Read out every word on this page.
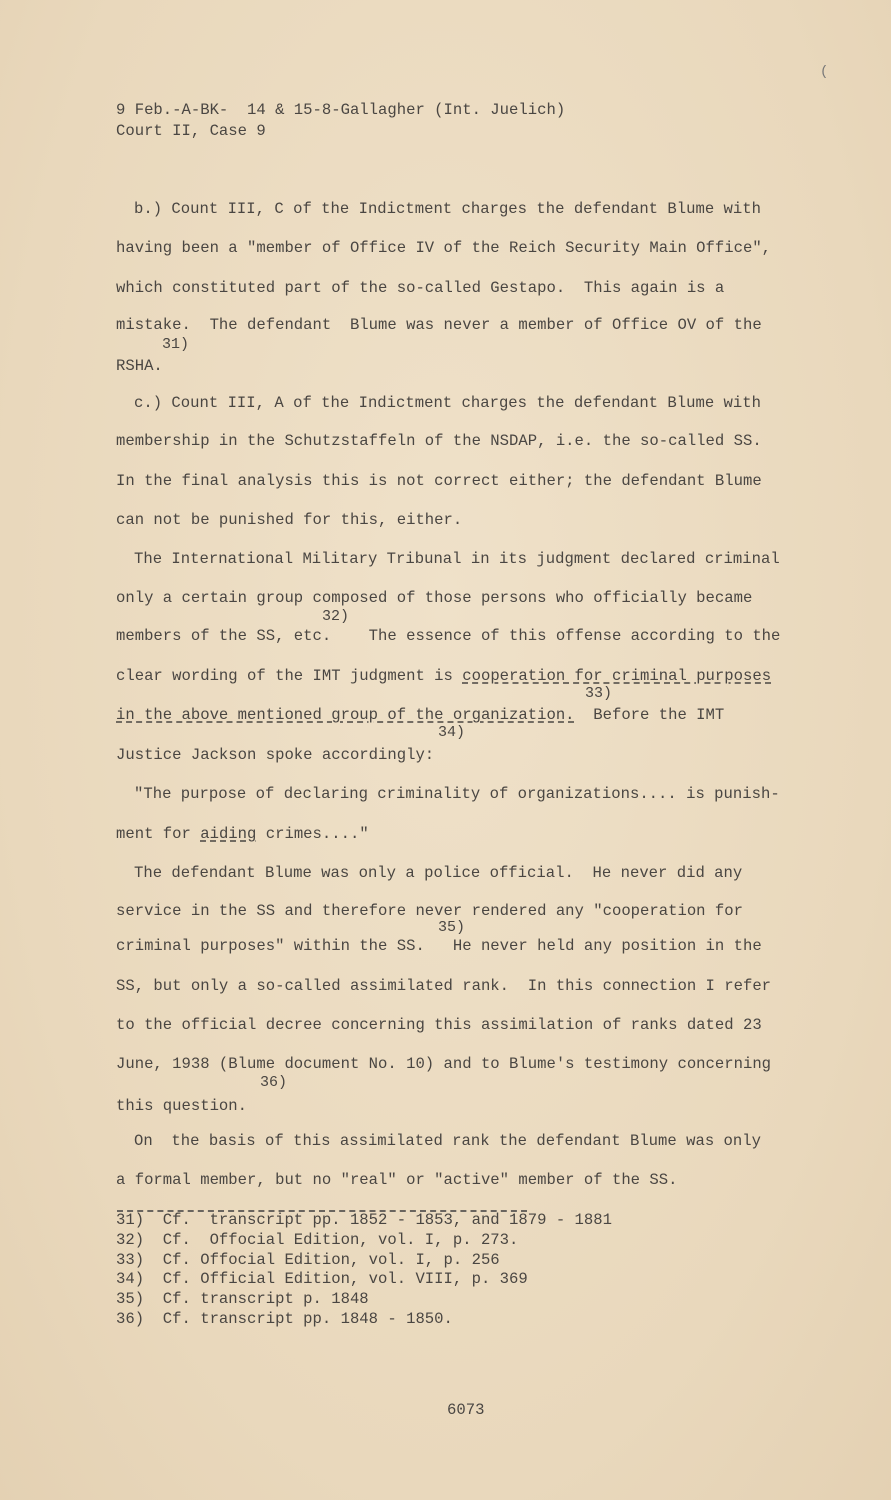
(
9 Feb.-A-BK-  14 & 15-8-Gallagher (Int. Juelich)
Court II, Case 9
b.) Count III, C of the Indictment charges the defendant Blume with
having been a "member of Office IV of the Reich Security Main Office",
which constituted part of the so-called Gestapo.  This again is a
mistake.  The defendant  Blume was never a member of Office OV of the
31)
RSHA.
c.) Count III, A of the Indictment charges the defendant Blume with
membership in the Schutzstaffeln of the NSDAP, i.e. the so-called SS.
In the final analysis this is not correct either; the defendant Blume
can not be punished for this, either.
The International Military Tribunal in its judgment declared criminal
only a certain group composed of those persons who officially became
32)
members of the SS, etc.    The essence of this offense according to the
clear wording of the IMT judgment is cooperation for criminal purposes
33)
in the above mentioned group of the organization.  Before the IMT
34)
Justice Jackson spoke accordingly:
"The purpose of declaring criminality of organizations.... is punish-
ment for aiding crimes...."
The defendant Blume was only a police official.  He never did any
service in the SS and therefore never rendered any "cooperation for
35)
criminal purposes" within the SS.   He never held any position in the
SS, but only a so-called assimilated rank.  In this connection I refer
to the official decree concerning this assimilation of ranks dated 23
June, 1938 (Blume document No. 10) and to Blume's testimony concerning
36)
this question.
On  the basis of this assimilated rank the defendant Blume was only
a formal member, but no "real" or "active" member of the SS.
31)  Cf.  transcript pp. 1852 - 1853, and 1879 - 1881
32)  Cf.  Offocial Edition, vol. I, p. 273.
33)  Cf. Offocial Edition, vol. I, p. 256
34)  Cf. Official Edition, vol. VIII, p. 369
35)  Cf. transcript p. 1848
36)  Cf. transcript pp. 1848 - 1850.
6073
